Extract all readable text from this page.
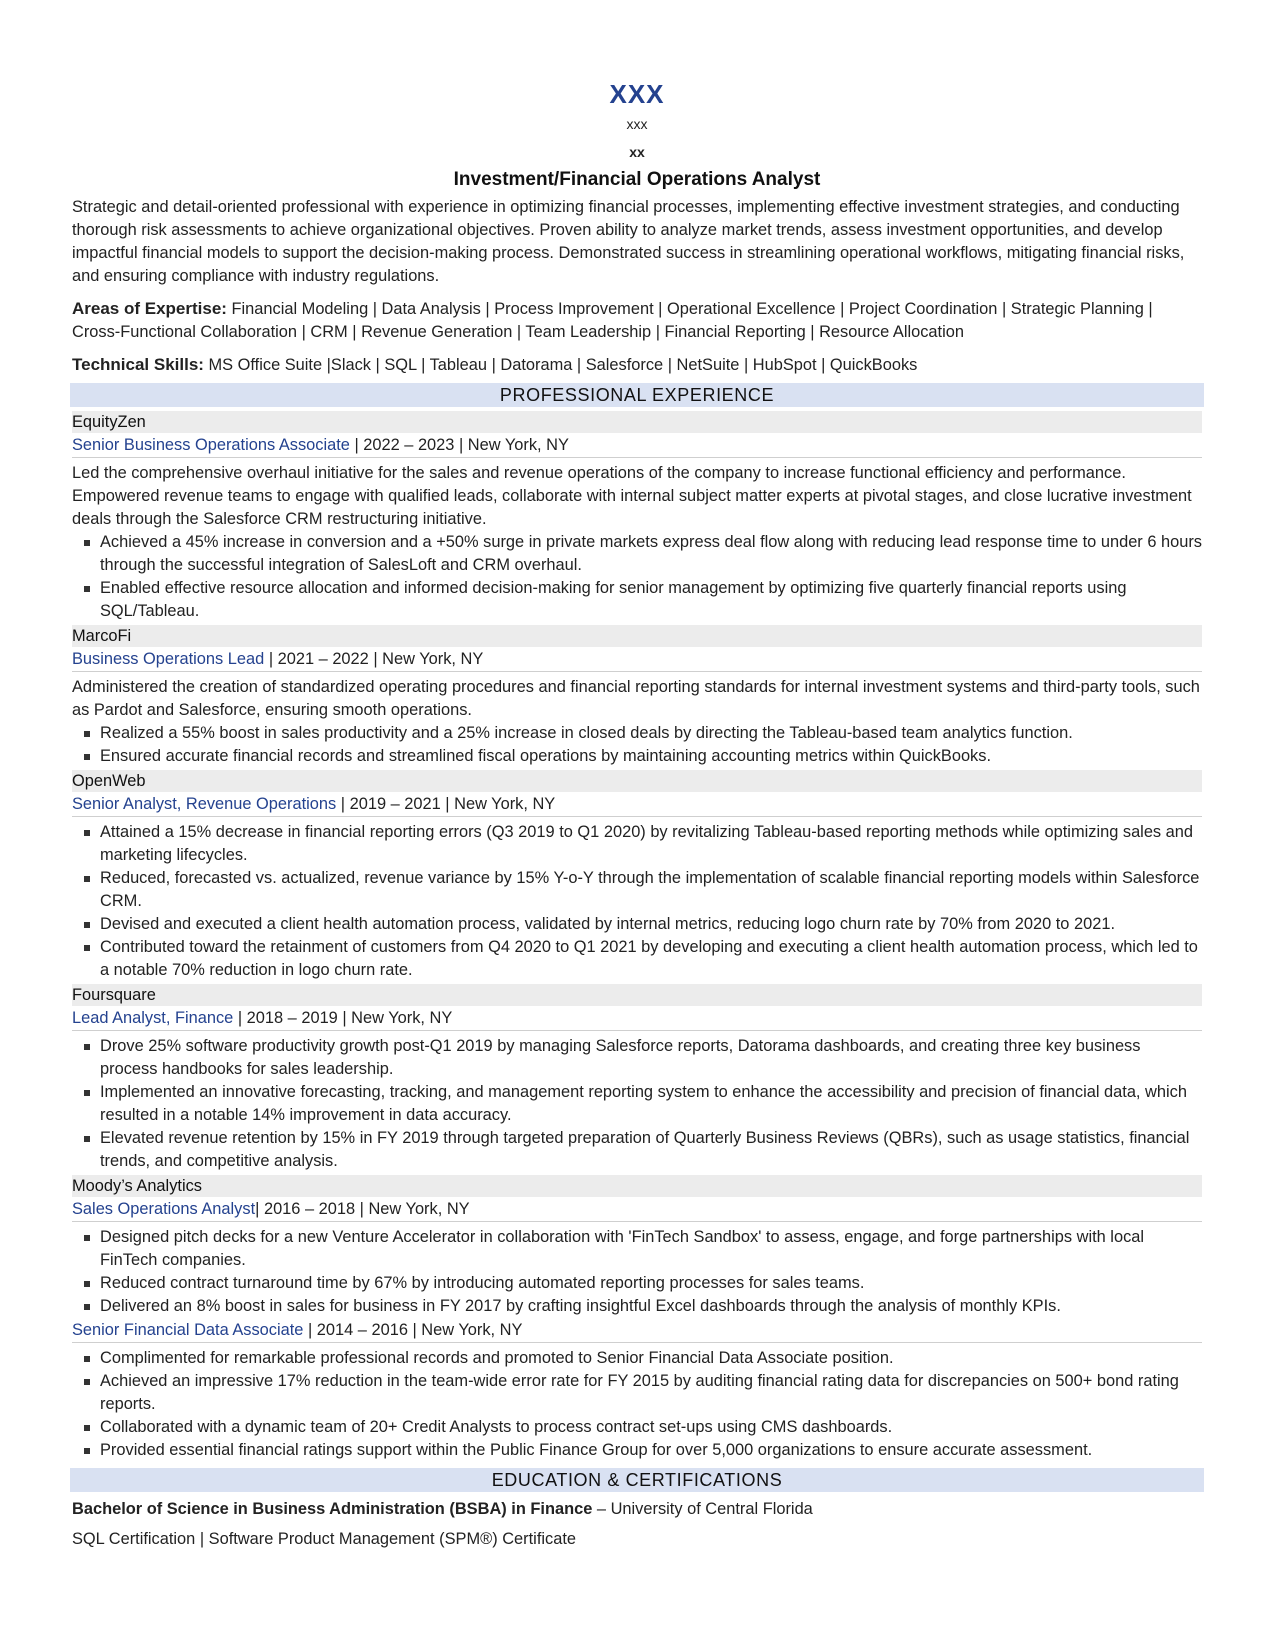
XXX
xxx
xx
Investment/Financial Operations Analyst
Strategic and detail-oriented professional with experience in optimizing financial processes, implementing effective investment strategies, and conducting thorough risk assessments to achieve organizational objectives. Proven ability to analyze market trends, assess investment opportunities, and develop impactful financial models to support the decision-making process. Demonstrated success in streamlining operational workflows, mitigating financial risks, and ensuring compliance with industry regulations.
Areas of Expertise: Financial Modeling | Data Analysis | Process Improvement | Operational Excellence | Project Coordination | Strategic Planning | Cross-Functional Collaboration | CRM | Revenue Generation | Team Leadership | Financial Reporting | Resource Allocation
Technical Skills: MS Office Suite |Slack | SQL | Tableau | Datorama | Salesforce | NetSuite | HubSpot | QuickBooks
PROFESSIONAL EXPERIENCE
EquityZen
Senior Business Operations Associate | 2022 – 2023 | New York, NY
Led the comprehensive overhaul initiative for the sales and revenue operations of the company to increase functional efficiency and performance. Empowered revenue teams to engage with qualified leads, collaborate with internal subject matter experts at pivotal stages, and close lucrative investment deals through the Salesforce CRM restructuring initiative.
Achieved a 45% increase in conversion and a +50% surge in private markets express deal flow along with reducing lead response time to under 6 hours through the successful integration of SalesLoft and CRM overhaul.
Enabled effective resource allocation and informed decision-making for senior management by optimizing five quarterly financial reports using SQL/Tableau.
MarcoFi
Business Operations Lead | 2021 – 2022 | New York, NY
Administered the creation of standardized operating procedures and financial reporting standards for internal investment systems and third-party tools, such as Pardot and Salesforce, ensuring smooth operations.
Realized a 55% boost in sales productivity and a 25% increase in closed deals by directing the Tableau-based team analytics function.
Ensured accurate financial records and streamlined fiscal operations by maintaining accounting metrics within QuickBooks.
OpenWeb
Senior Analyst, Revenue Operations | 2019 – 2021 | New York, NY
Attained a 15% decrease in financial reporting errors (Q3 2019 to Q1 2020) by revitalizing Tableau-based reporting methods while optimizing sales and marketing lifecycles.
Reduced, forecasted vs. actualized, revenue variance by 15% Y-o-Y through the implementation of scalable financial reporting models within Salesforce CRM.
Devised and executed a client health automation process, validated by internal metrics, reducing logo churn rate by 70% from 2020 to 2021.
Contributed toward the retainment of customers from Q4 2020 to Q1 2021 by developing and executing a client health automation process, which led to a notable 70% reduction in logo churn rate.
Foursquare
Lead Analyst, Finance | 2018 – 2019 | New York, NY
Drove 25% software productivity growth post-Q1 2019 by managing Salesforce reports, Datorama dashboards, and creating three key business process handbooks for sales leadership.
Implemented an innovative forecasting, tracking, and management reporting system to enhance the accessibility and precision of financial data, which resulted in a notable 14% improvement in data accuracy.
Elevated revenue retention by 15% in FY 2019 through targeted preparation of Quarterly Business Reviews (QBRs), such as usage statistics, financial trends, and competitive analysis.
Moody’s Analytics
Sales Operations Analyst| 2016 – 2018 | New York, NY
Designed pitch decks for a new Venture Accelerator in collaboration with 'FinTech Sandbox' to assess, engage, and forge partnerships with local FinTech companies.
Reduced contract turnaround time by 67% by introducing automated reporting processes for sales teams.
Delivered an 8% boost in sales for business in FY 2017 by crafting insightful Excel dashboards through the analysis of monthly KPIs.
Senior Financial Data Associate | 2014 – 2016 | New York, NY
Complimented for remarkable professional records and promoted to Senior Financial Data Associate position.
Achieved an impressive 17% reduction in the team-wide error rate for FY 2015 by auditing financial rating data for discrepancies on 500+ bond rating reports.
Collaborated with a dynamic team of 20+ Credit Analysts to process contract set-ups using CMS dashboards.
Provided essential financial ratings support within the Public Finance Group for over 5,000 organizations to ensure accurate assessment.
EDUCATION & CERTIFICATIONS
Bachelor of Science in Business Administration (BSBA) in Finance – University of Central Florida
SQL Certification | Software Product Management (SPM®) Certificate
